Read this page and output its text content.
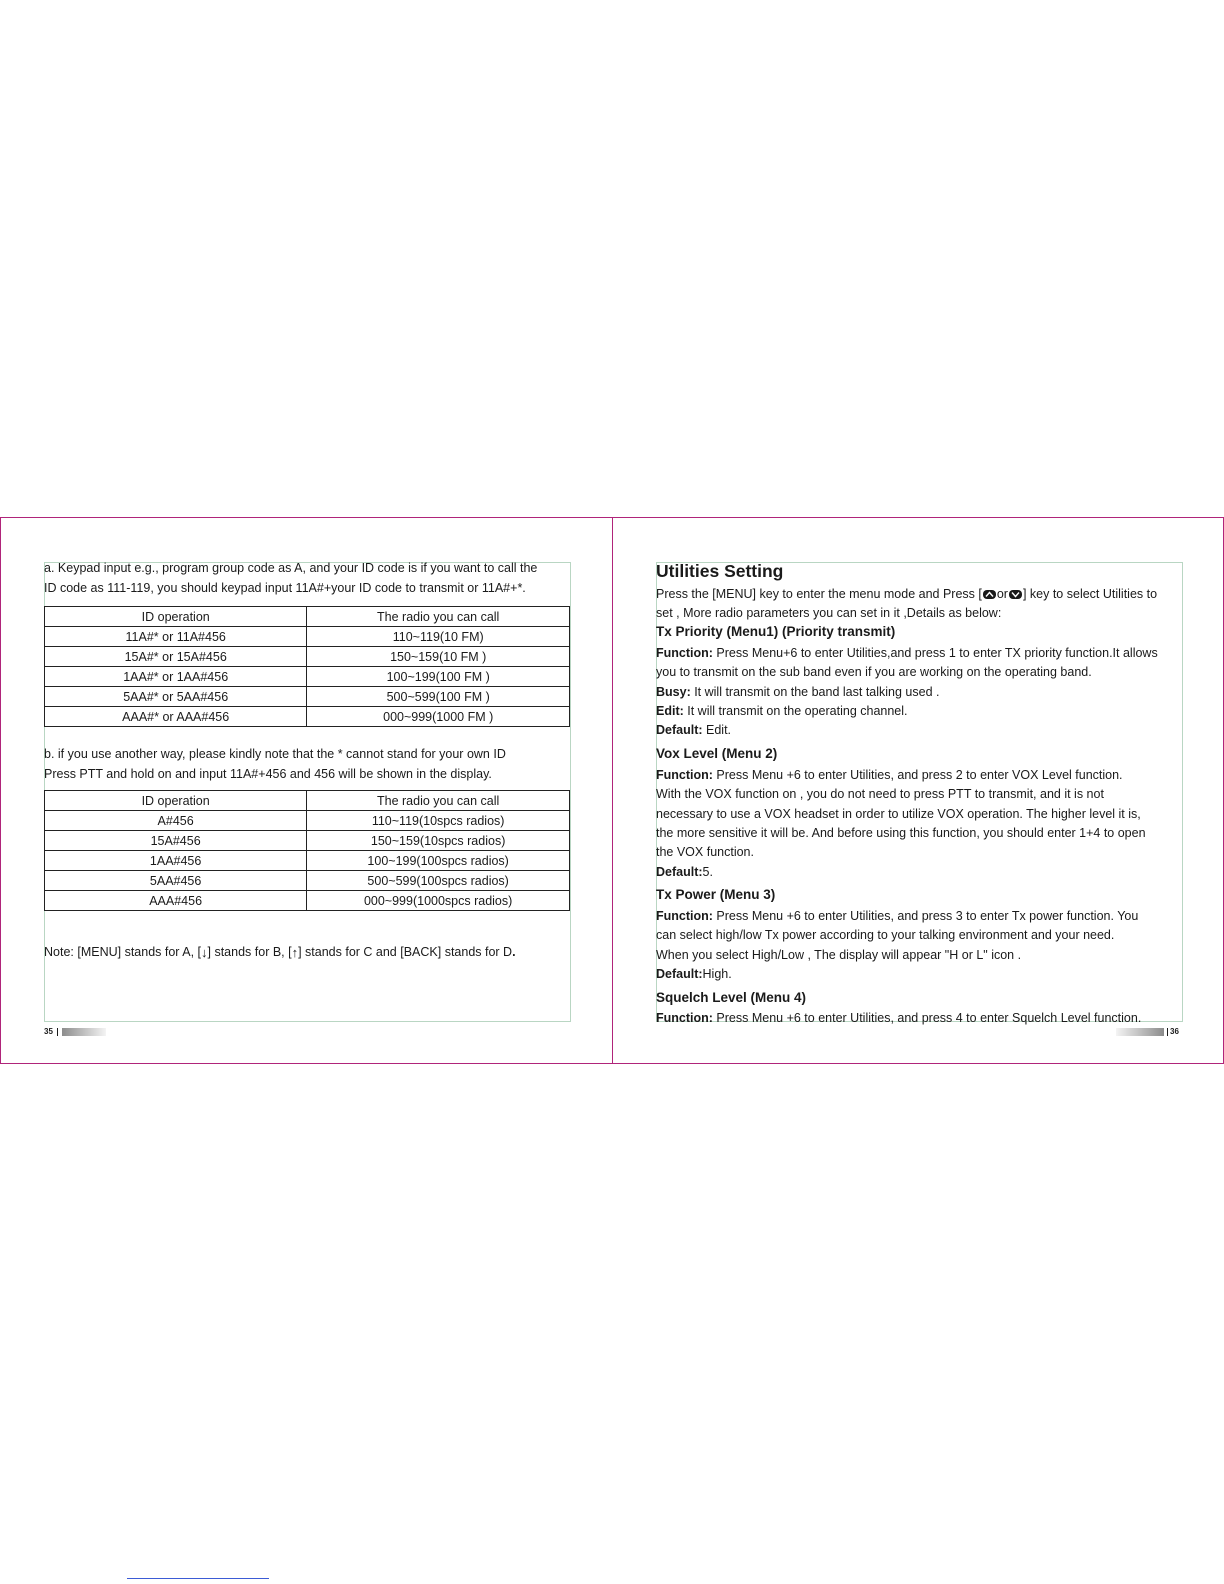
a. Keypad input e.g., program group code as A, and your ID code is if you want to call the
ID code as 111-119, you should keypad input 11A#+your ID code to transmit or 11A#+*.
ID operation	The radio you can call
11A#* or 11A#456	110~119(10 FM)
15A#* or 15A#456	150~159(10 FM )
1AA#* or 1AA#456	100~199(100 FM )
5AA#* or 5AA#456	500~599(100 FM )
AAA#* or AAA#456	000~999(1000 FM )
b. if you use another way, please kindly note that the * cannot stand for your own ID
Press PTT and hold on and input 11A#+456 and 456 will be shown in the display.
ID operation	The radio you can call
A#456	110~119(10spcs radios)
15A#456	150~159(10spcs radios)
1AA#456	100~199(100spcs radios)
5AA#456	500~599(100spcs radios)
AAA#456	000~999(1000spcs radios)
Note: [MENU] stands for A, [↓] stands for B, [↑] stands for C and [BACK] stands for D.
35
Utilities Setting
Press the [MENU] key to enter the menu mode and Press [ or ] key to select Utilities to
set , More radio parameters you can set in it ,Details as below:
Tx Priority (Menu1) (Priority transmit)
Function: Press Menu+6 to enter Utilities,and press 1 to enter TX priority function.It allows
you to transmit on the sub band even if you are working on the operating band.
Busy: It will transmit on the band last talking used .
Edit: It will transmit on the operating channel.
Default: Edit.
Vox Level (Menu 2)
Function: Press Menu +6 to enter Utilities, and press 2 to enter VOX Level function.
With the VOX function on , you do not need to press PTT to transmit, and it is not
necessary to use a VOX headset in order to utilize VOX operation. The higher level it is,
the more sensitive it will be. And before using this function, you should enter 1+4 to open
the VOX function.
Default:5.
Tx Power (Menu 3)
Function: Press Menu +6 to enter Utilities, and press 3 to enter Tx power function. You
can select high/low Tx power according to your talking environment and your need.
When you select High/Low , The display will appear "H or L" icon .
Default:High.
Squelch Level (Menu 4)
Function: Press Menu +6 to enter Utilities, and press 4 to enter Squelch Level function.
36
